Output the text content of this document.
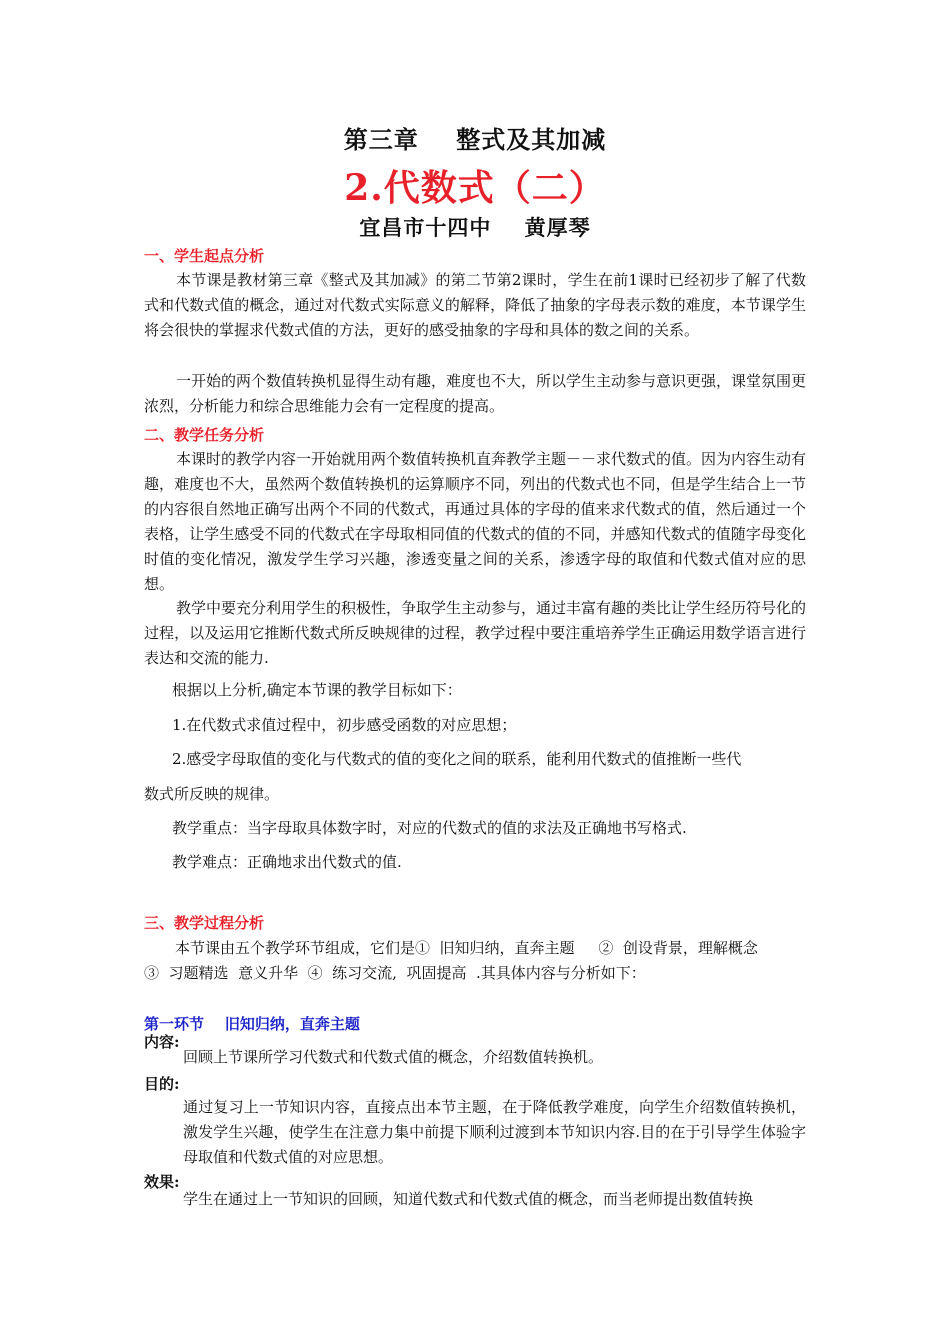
第三章    整式及其加减
2.代数式（二）
宜昌市十四中    黄厚琴
一、学生起点分析
本节课是教材第三章《整式及其加减》的第二节第2课时，学生在前1课时已经初步了解了代数式和代数式值的概念，通过对代数式实际意义的解释，降低了抽象的字母表示数的难度，本节课学生将会很快的掌握求代数式值的方法，更好的感受抽象的字母和具体的数之间的关系。
一开始的两个数值转换机显得生动有趣，难度也不大，所以学生主动参与意识更强，课堂氛围更浓烈，分析能力和综合思维能力会有一定程度的提高。
二、教学任务分析
本课时的教学内容一开始就用两个数值转换机直奔教学主题－－求代数式的值。因为内容生动有趣，难度也不大，虽然两个数值转换机的运算顺序不同，列出的代数式也不同，但是学生结合上一节的内容很自然地正确写出两个不同的代数式，再通过具体的字母的值来求代数式的值，然后通过一个表格，让学生感受不同的代数式在字母取相同值的代数式的值的不同，并感知代数式的值随字母变化时值的变化情况，激发学生学习兴趣，渗透变量之间的关系，渗透字母的取值和代数式值对应的思想。
教学中要充分利用学生的积极性，争取学生主动参与，通过丰富有趣的类比让学生经历符号化的过程，以及运用它推断代数式所反映规律的过程，教学过程中要注重培养学生正确运用数学语言进行表达和交流的能力.
根据以上分析,确定本节课的教学目标如下：
1.在代数式求值过程中，初步感受函数的对应思想；
2.感受字母取值的变化与代数式的值的变化之间的联系，能利用代数式的值推断一些代
数式所反映的规律。
教学重点：当字母取具体数字时，对应的代数式的值的求法及正确地书写格式.
教学难点：正确地求出代数式的值.
三、教学过程分析
本节课由五个教学环节组成，它们是①  旧知归纳，直奔主题     ②  创设背景，理解概念
③  习题精选  意义升华  ④  练习交流,  巩固提高  .其具体内容与分析如下：
第一环节    旧知归纳，直奔主题
内容:
回顾上节课所学习代数式和代数式值的概念，介绍数值转换机。
目的:
通过复习上一节知识内容，直接点出本节主题，在于降低教学难度，向学生介绍数值转换机，激发学生兴趣，使学生在注意力集中前提下顺利过渡到本节知识内容.目的在于引导学生体验字母取值和代数式值的对应思想。
效果:
学生在通过上一节知识的回顾，知道代数式和代数式值的概念，而当老师提出数值转换
